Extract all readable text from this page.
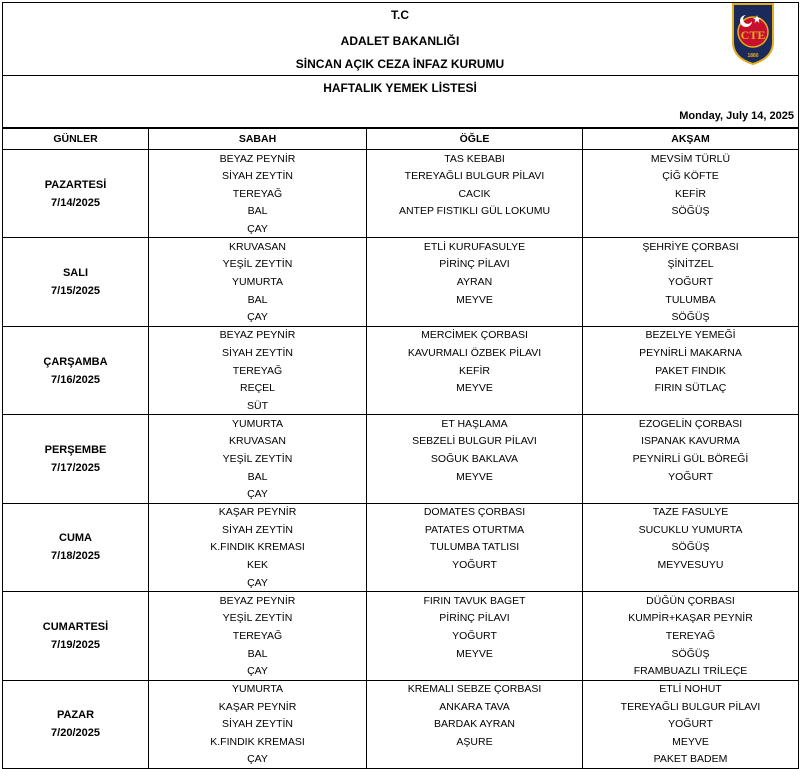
T.C
ADALET BAKANLIĞI
SİNCAN AÇIK CEZA İNFAZ KURUMU
CTE
1880
HAFTALIK YEMEK LİSTESİ
Monday, July 14, 2025
GÜNLER	SABAH	ÖĞLE	AKŞAM

PAZARTESİ
7/14/2025	BEYAZ PEYNİR	TAS KEBABI	MEVSİM TÜRLÜ
	SİYAH ZEYTİN	TEREYAĞLI BULGUR PİLAVI	ÇİĞ KÖFTE
	TEREYAĞ	CACIK	KEFİR
	BAL	ANTEP FISTIKLI GÜL LOKUMU	SÖĞÜŞ
	ÇAY		

SALI
7/15/2025	KRUVASAN	ETLİ KURUFASULYE	ŞEHRİYE ÇORBASI
	YEŞİL ZEYTİN	PİRİNÇ PİLAVI	ŞİNİTZEL
	YUMURTA	AYRAN	YOĞURT
	BAL	MEYVE	TULUMBA
	ÇAY		SÖĞÜŞ

ÇARŞAMBA
7/16/2025	BEYAZ PEYNİR	MERCİMEK ÇORBASI	BEZELYE YEMEĞİ
	SİYAH ZEYTİN	KAVURMALI ÖZBEK PİLAVI	PEYNİRLİ MAKARNA
	TEREYAĞ	KEFİR	PAKET FINDIK
	REÇEL	MEYVE	FIRIN SÜTLAÇ
	SÜT		

PERŞEMBE
7/17/2025	YUMURTA	ET HAŞLAMA	EZOGELİN ÇORBASI
	KRUVASAN	SEBZELİ BULGUR PİLAVI	ISPANAK KAVURMA
	YEŞİL ZEYTİN	SOĞUK BAKLAVA	PEYNİRLİ GÜL BÖREĞİ
	BAL	MEYVE	YOĞURT
	ÇAY		

CUMA
7/18/2025	KAŞAR PEYNİR	DOMATES ÇORBASI	TAZE FASULYE
	SİYAH ZEYTİN	PATATES OTURTMA	SUCUKLU YUMURTA
	K.FINDIK KREMASI	TULUMBA TATLISI	SÖĞÜŞ
	KEK	YOĞURT	MEYVESUYU
	ÇAY		

CUMARTESİ
7/19/2025	BEYAZ PEYNİR	FIRIN TAVUK BAGET	DÜĞÜN ÇORBASI
	YEŞİL ZEYTİN	PİRİNÇ PİLAVI	KUMPİR+KAŞAR PEYNİR
	TEREYAĞ	YOĞURT	TEREYAĞ
	BAL	MEYVE	SÖĞÜŞ
	ÇAY		FRAMBUAZLI TRİLEÇE

PAZAR
7/20/2025	YUMURTA	KREMALI SEBZE ÇORBASI	ETLİ NOHUT
	KAŞAR PEYNİR	ANKARA TAVA	TEREYAĞLI BULGUR PİLAVI
	SİYAH ZEYTİN	BARDAK AYRAN	YOĞURT
	K.FINDIK KREMASI	AŞURE	MEYVE
	ÇAY		PAKET BADEM
